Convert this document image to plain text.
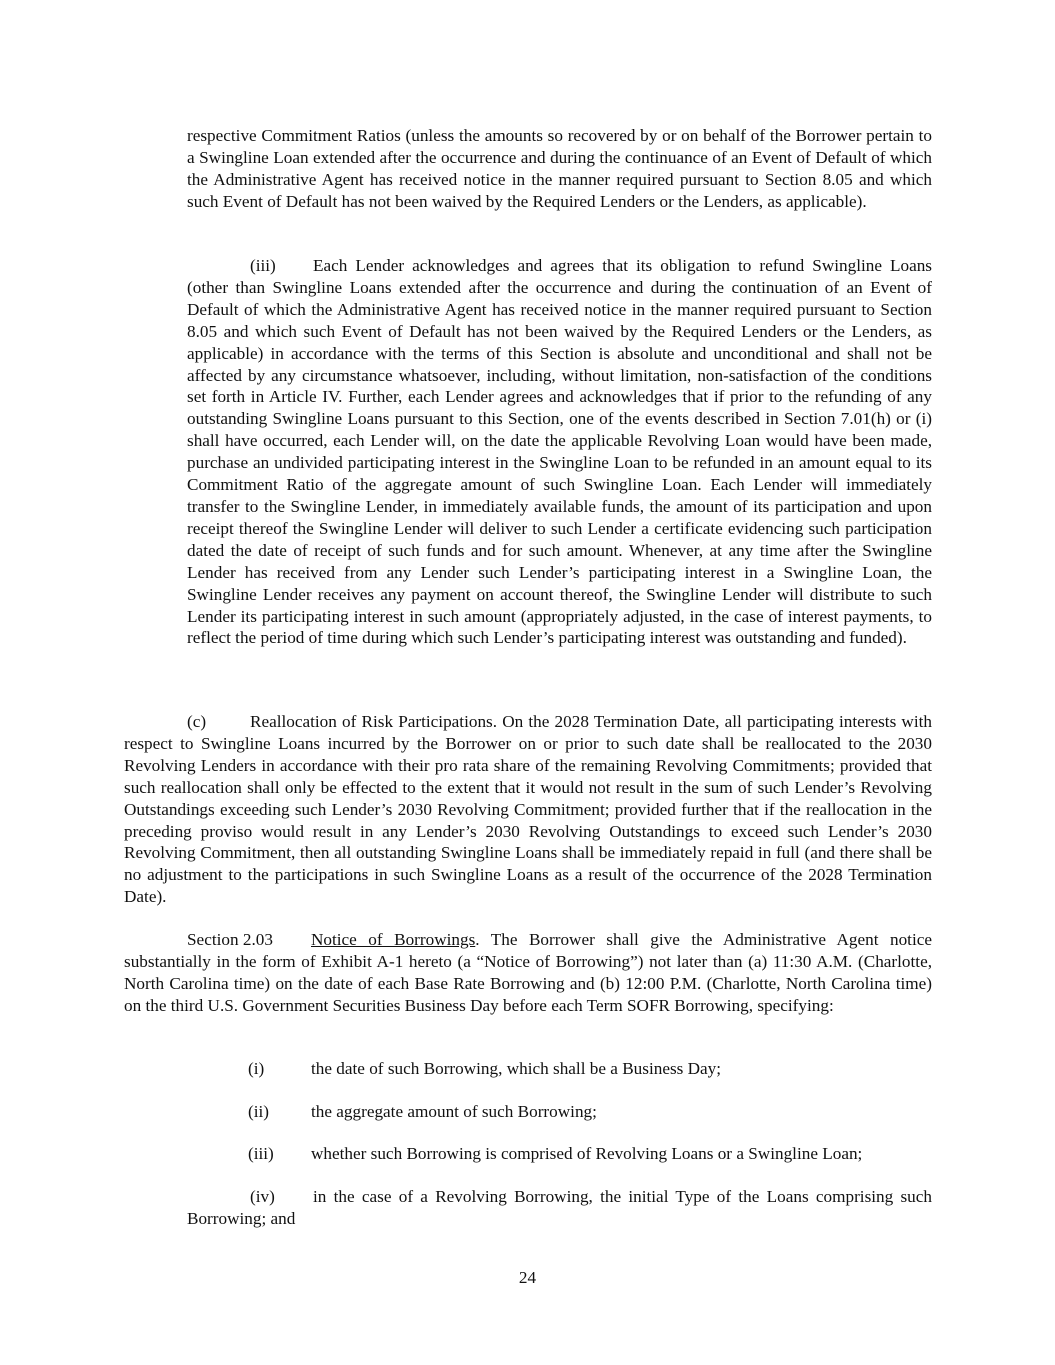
respective Commitment Ratios (unless the amounts so recovered by or on behalf of the Borrower pertain to a Swingline Loan extended after the occurrence and during the continuance of an Event of Default of which the Administrative Agent has received notice in the manner required pursuant to Section 8.05 and which such Event of Default has not been waived by the Required Lenders or the Lenders, as applicable).

(iii) Each Lender acknowledges and agrees that its obligation to refund Swingline Loans (other than Swingline Loans extended after the occurrence and during the continuation of an Event of Default of which the Administrative Agent has received notice in the manner required pursuant to Section 8.05 and which such Event of Default has not been waived by the Required Lenders or the Lenders, as applicable) in accordance with the terms of this Section is absolute and unconditional and shall not be affected by any circumstance whatsoever, including, without limitation, non-satisfaction of the conditions set forth in Article IV. Further, each Lender agrees and acknowledges that if prior to the refunding of any outstanding Swingline Loans pursuant to this Section, one of the events described in Section 7.01(h) or (i) shall have occurred, each Lender will, on the date the applicable Revolving Loan would have been made, purchase an undivided participating interest in the Swingline Loan to be refunded in an amount equal to its Commitment Ratio of the aggregate amount of such Swingline Loan. Each Lender will immediately transfer to the Swingline Lender, in immediately available funds, the amount of its participation and upon receipt thereof the Swingline Lender will deliver to such Lender a certificate evidencing such participation dated the date of receipt of such funds and for such amount. Whenever, at any time after the Swingline Lender has received from any Lender such Lender’s participating interest in a Swingline Loan, the Swingline Lender receives any payment on account thereof, the Swingline Lender will distribute to such Lender its participating interest in such amount (appropriately adjusted, in the case of interest payments, to reflect the period of time during which such Lender’s participating interest was outstanding and funded).

(c)	Reallocation of Risk Participations. On the 2028 Termination Date, all participating interests with respect to Swingline Loans incurred by the Borrower on or prior to such date shall be reallocated to the 2030 Revolving Lenders in accordance with their pro rata share of the remaining Revolving Commitments; provided that such reallocation shall only be effected to the extent that it would not result in the sum of such Lender’s Revolving Outstandings exceeding such Lender’s 2030 Revolving Commitment; provided further that if the reallocation in the preceding proviso would result in any Lender’s 2030 Revolving Outstandings to exceed such Lender’s 2030 Revolving Commitment, then all outstanding Swingline Loans shall be immediately repaid in full (and there shall be no adjustment to the participations in such Swingline Loans as a result of the occurrence of the 2028 Termination Date).

Section 2.03 Notice of Borrowings. The Borrower shall give the Administrative Agent notice substantially in the form of Exhibit A-1 hereto (a “Notice of Borrowing”) not later than (a) 11:30 A.M. (Charlotte, North Carolina time) on the date of each Base Rate Borrowing and (b) 12:00 P.M. (Charlotte, North Carolina time) on the third U.S. Government Securities Business Day before each Term SOFR Borrowing, specifying:

(i)	the date of such Borrowing, which shall be a Business Day;
(ii) the aggregate amount of such Borrowing;
(iii) whether such Borrowing is comprised of Revolving Loans or a Swingline Loan;

(iv) in the case of a Revolving Borrowing, the initial Type of the Loans comprising such Borrowing; and

24
